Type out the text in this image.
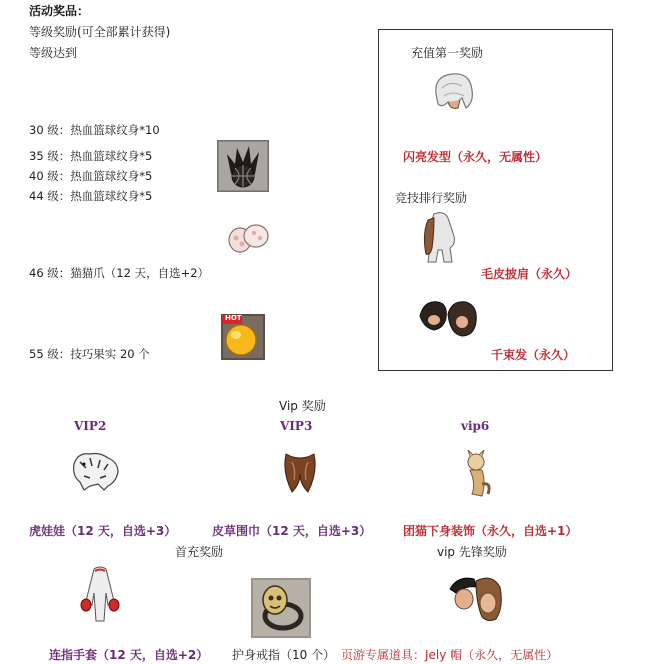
活动奖品：
等级奖励(可全部累计获得)
等级达到
30 级：热血篮球纹身*10
35 级：热血篮球纹身*5
40 级：热血篮球纹身*5
44 级：热血篮球纹身*5
46 级：猫猫爪（12 天，自选+2）
55 级：技巧果实 20 个
HOT
充值第一奖励
闪亮发型（永久，无属性）
竞技排行奖励
毛皮披肩（永久）
千束发（永久）
Vip 奖励
VIP2	VIP3	vip6
虎娃娃（12 天，自选+3）	皮草围巾（12 天，自选+3）	团猫下身装饰（永久，自选+1）
首充奖励	vip 先锋奖励
连指手套（12 天，自选+2） 护身戒指（10 个） 页游专属道具：Jely 帽（永久，无属性）
